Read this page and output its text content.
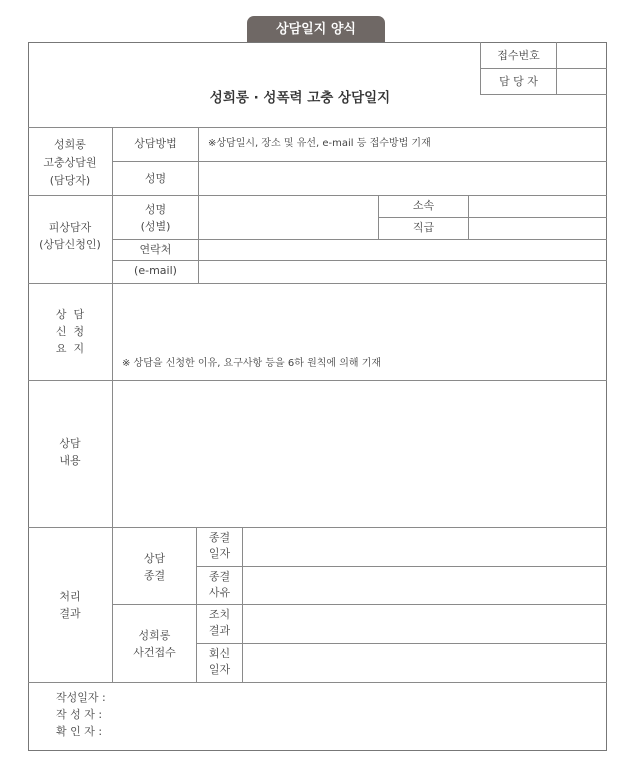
상담일지 양식
접수번호
담 당 자
성희롱 · 성폭력 고충 상담일지
성희롱
고충상담원
(담당자)
상담방법	※상담일시, 장소 및 유선, e-mail 등 접수방법 기재
성명
피상담자
(상담신청인)
성명
(성별)
소속
직급
연락처
(e-mail)
상  담
신  청
요  지
※ 상담을 신청한 이유, 요구사항 등을 6하 원칙에 의해 기재
상담
내용
처리
결과
상담
종결
종결
일자
종결
사유
성희롱
사건접수
조치
결과
회신
일자
작성일자 :
작 성 자 :
확 인 자 :
